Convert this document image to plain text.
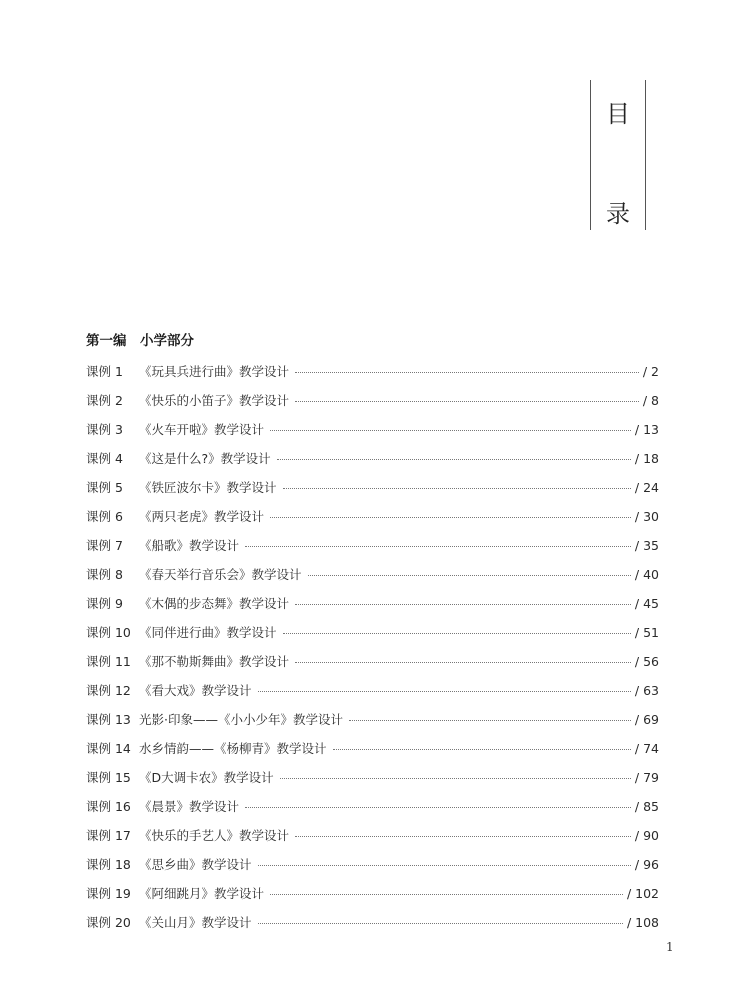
目
录
第一编　小学部分
课例 1	《玩具兵进行曲》教学设计	/ 2
课例 2	《快乐的小笛子》教学设计	/ 8
课例 3	《火车开啦》教学设计	/ 13
课例 4	《这是什么?》教学设计	/ 18
课例 5	《铁匠波尔卡》教学设计	/ 24
课例 6	《两只老虎》教学设计	/ 30
课例 7	《船歌》教学设计	/ 35
课例 8	《春天举行音乐会》教学设计	/ 40
课例 9	《木偶的步态舞》教学设计	/ 45
课例 10 《同伴进行曲》教学设计	/ 51
课例 11 《那不勒斯舞曲》教学设计	/ 56
课例 12 《看大戏》教学设计	/ 63
课例 13 光影·印象——《小小少年》教学设计	/ 69
课例 14 水乡情韵——《杨柳青》教学设计	/ 74
课例 15 《D大调卡农》教学设计	/ 79
课例 16 《晨景》教学设计	/ 85
课例 17 《快乐的手艺人》教学设计	/ 90
课例 18 《思乡曲》教学设计	/ 96
课例 19 《阿细跳月》教学设计	/ 102
课例 20 《关山月》教学设计	/ 108
1
